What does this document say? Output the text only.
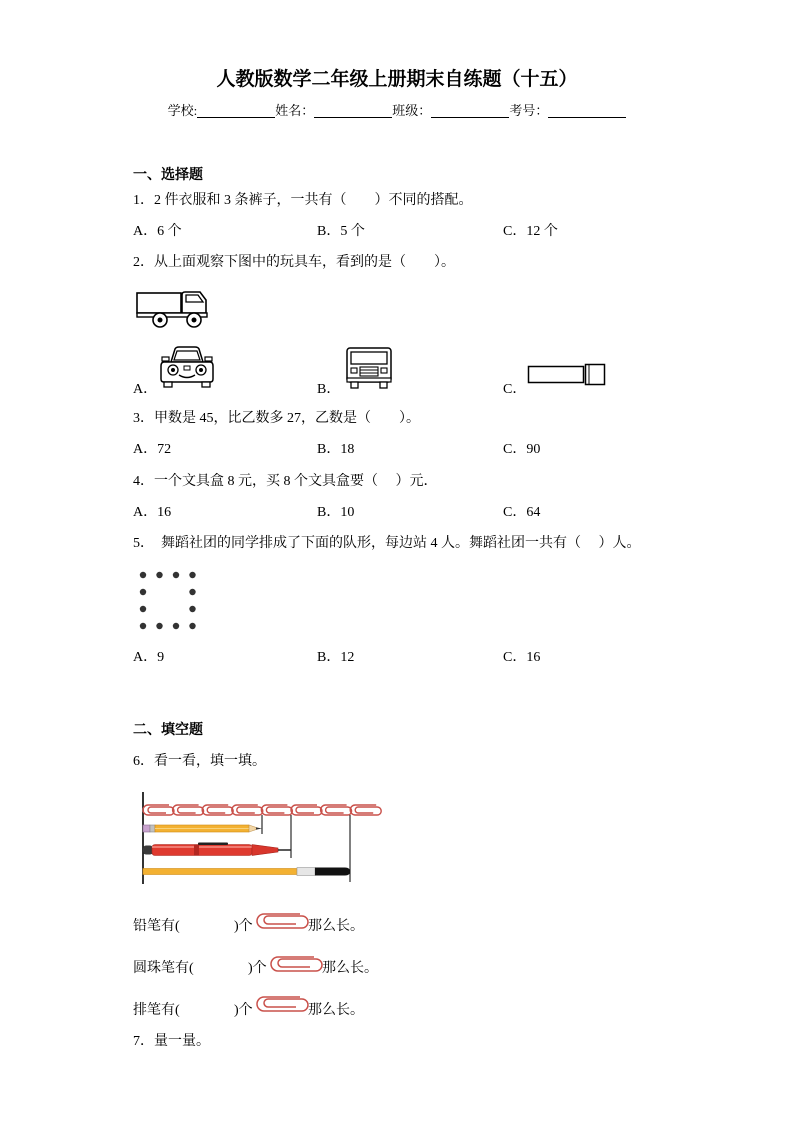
人教版数学二年级上册期末自练题（十五）
学校:	姓名：	班级：	考号：
一、选择题
1．2 件衣服和 3 条裤子，一共有（　　）不同的搭配。
A．6 个	B．5 个	C．12 个
2．从上面观察下图中的玩具车，看到的是（　　）。
A．	B．	C．
3．甲数是 45，比乙数多 27，乙数是（　　）。
A．72	B．18	C．90
4．一个文具盒 8 元，买 8 个文具盒要（　 ）元．
A．16	B．10	C．64
5．  舞蹈社团的同学排成了下面的队形，每边站 4 人。舞蹈社团一共有（　 ）人。
A．9	B．12	C．16
二、填空题
6．看一看，填一填。
铅笔有(	)个	那么长。
圆珠笔有(	)个	那么长。
排笔有(	)个	那么长。
7．量一量。
